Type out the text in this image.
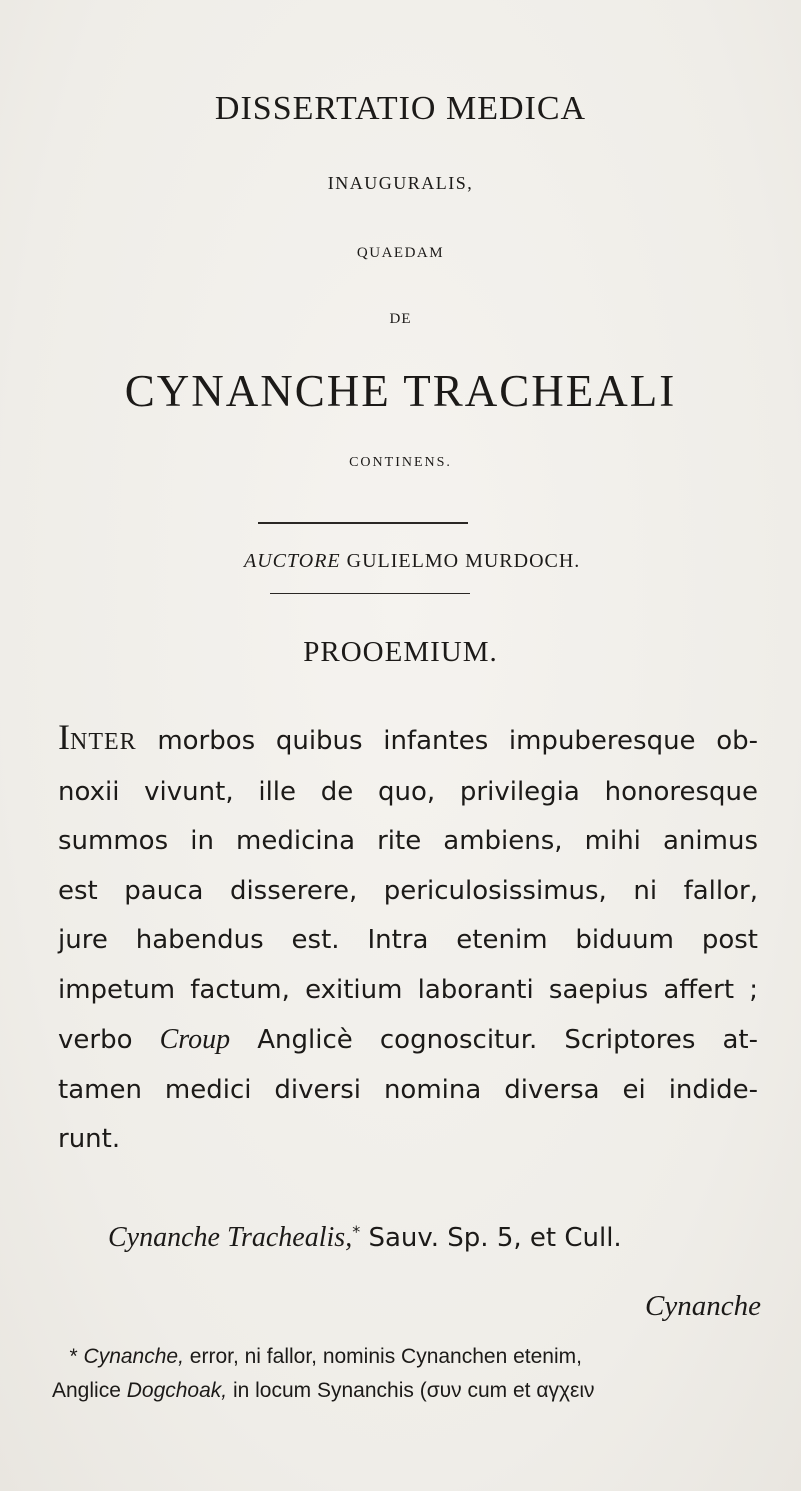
DISSERTATIO MEDICA
INAUGURALIS,
QUAEDAM
DE
CYNANCHE TRACHEALI
CONTINENS.
AUCTORE GULIELMO MURDOCH.
PROOEMIUM.
INTER morbos quibus infantes impuberesque ob-
noxii vivunt, ille de quo, privilegia honoresque
summos in medicina rite ambiens, mihi animus
est pauca disserere, periculosissimus, ni fallor,
jure habendus est. Intra etenim biduum post
impetum factum, exitium laboranti saepius affert ;
verbo Croup Anglicè cognoscitur. Scriptores at-
tamen medici diversi nomina diversa ei indide-
runt.
Cynanche Trachealis,* Sauv. Sp. 5, et Cull.
Cynanche
* Cynanche, error, ni fallor, nominis Cynanchen etenim,
Anglice Dogchoak, in locum Synanchis (συν cum et αγχειν
